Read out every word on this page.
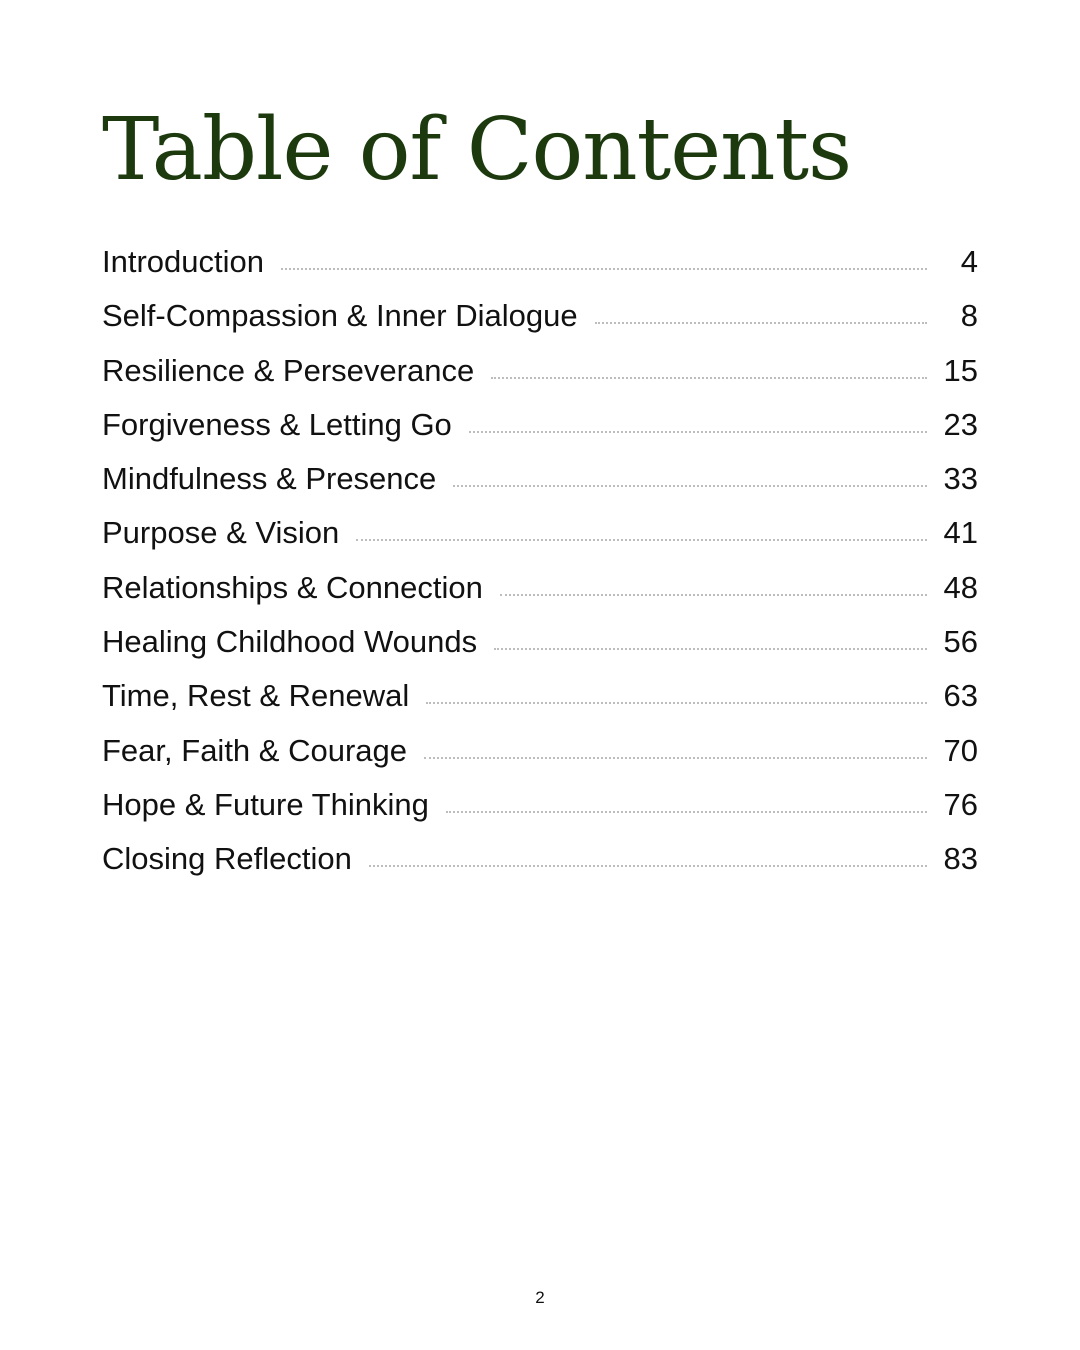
Table of Contents
Introduction	4
Self-Compassion & Inner Dialogue	8
Resilience & Perseverance	15
Forgiveness & Letting Go	23
Mindfulness & Presence	33
Purpose & Vision	41
Relationships & Connection	48
Healing Childhood Wounds	56
Time, Rest & Renewal	63
Fear, Faith & Courage	70
Hope & Future Thinking	76
Closing Reflection	83
2
